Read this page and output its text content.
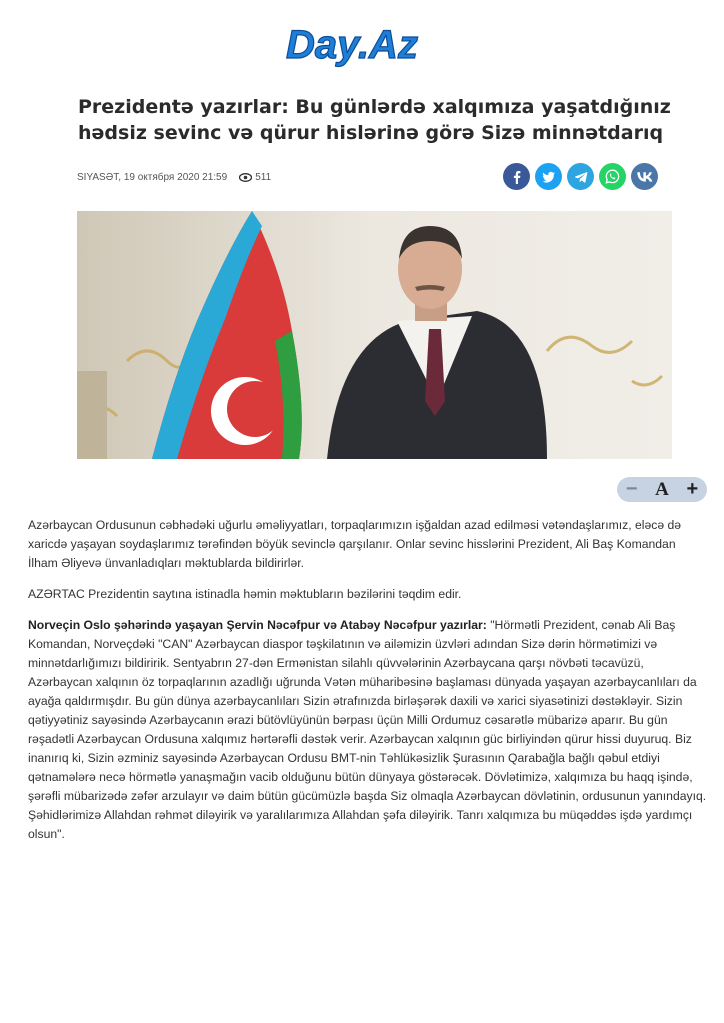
Day.Az
Prezidentə yazırlar: Bu günlərdə xalqımıza yaşatdığınız hədsiz sevinc və qürur hislərinə görə Sizə minnətdarıq
SIYASƏT,
19 октября 2020 21:59	511
− A +

Azərbaycan Ordusunun cəbhədəki uğurlu əməliyyatları, torpaqlarımızın işğaldan azad edilməsi vətəndaşlarımız, eləcə də xaricdə yaşayan soydaşlarımız tərəfindən böyük sevinclə qarşılanır. Onlar sevinc hisslərini Prezident, Ali Baş Komandan İlham Əliyevə ünvanladıqları məktublarda bildirirlər.

AZƏRTAC Prezidentin saytına istinadla həmin məktubların bəzilərini təqdim edir.

Norveçin Oslo şəhərində yaşayan Şervin Nəcəfpur və Atabəy Nəcəfpur yazırlar: "Hörmətli Prezident, cənab Ali Baş Komandan, Norveçdəki "CAN" Azərbaycan diaspor təşkilatının və ailəmizin üzvləri adından Sizə dərin hörmətimizi və minnətdarlığımızı bildiririk. Sentyabrın 27-dən Ermənistan silahlı qüvvələrinin Azərbaycana qarşı növbəti təcavüzü, Azərbaycan xalqının öz torpaqlarının azadlığı uğrunda Vətən müharibəsinə başlaması dünyada yaşayan azərbaycanlıları da ayağa qaldırmışdır. Bu gün dünya azərbaycanlıları Sizin ətrafınızda birləşərək daxili və xarici siyasətinizi dəstəkləyir. Sizin qətiyyətiniz sayəsində Azərbaycanın ərazi bütövlüyünün bərpası üçün Milli Ordumuz cəsarətlə mübarizə aparır. Bu gün rəşadətli Azərbaycan Ordusuna xalqımız hərtərəfli dəstək verir. Azərbaycan xalqının güc birliyindən qürur hissi duyuruq. Biz inanırıq ki, Sizin əzminiz sayəsində Azərbaycan Ordusu BMT-nin Təhlükəsizlik Şurasının Qarabağla bağlı qəbul etdiyi qətnamələrə necə hörmətlə yanaşmağın vacib olduğunu bütün dünyaya göstərəcək. Dövlətimizə, xalqımıza bu haqq işində, şərəfli mübarizədə zəfər arzulayır və daim bütün gücümüzlə başda Siz olmaqla Azərbaycan dövlətinin, ordusunun yanındayıq. Şəhidlərimizə Allahdan rəhmət diləyirik və yaralılarımıza Allahdan şəfa diləyirik. Tanrı xalqımıza bu müqəddəs işdə yardımçı olsun".
